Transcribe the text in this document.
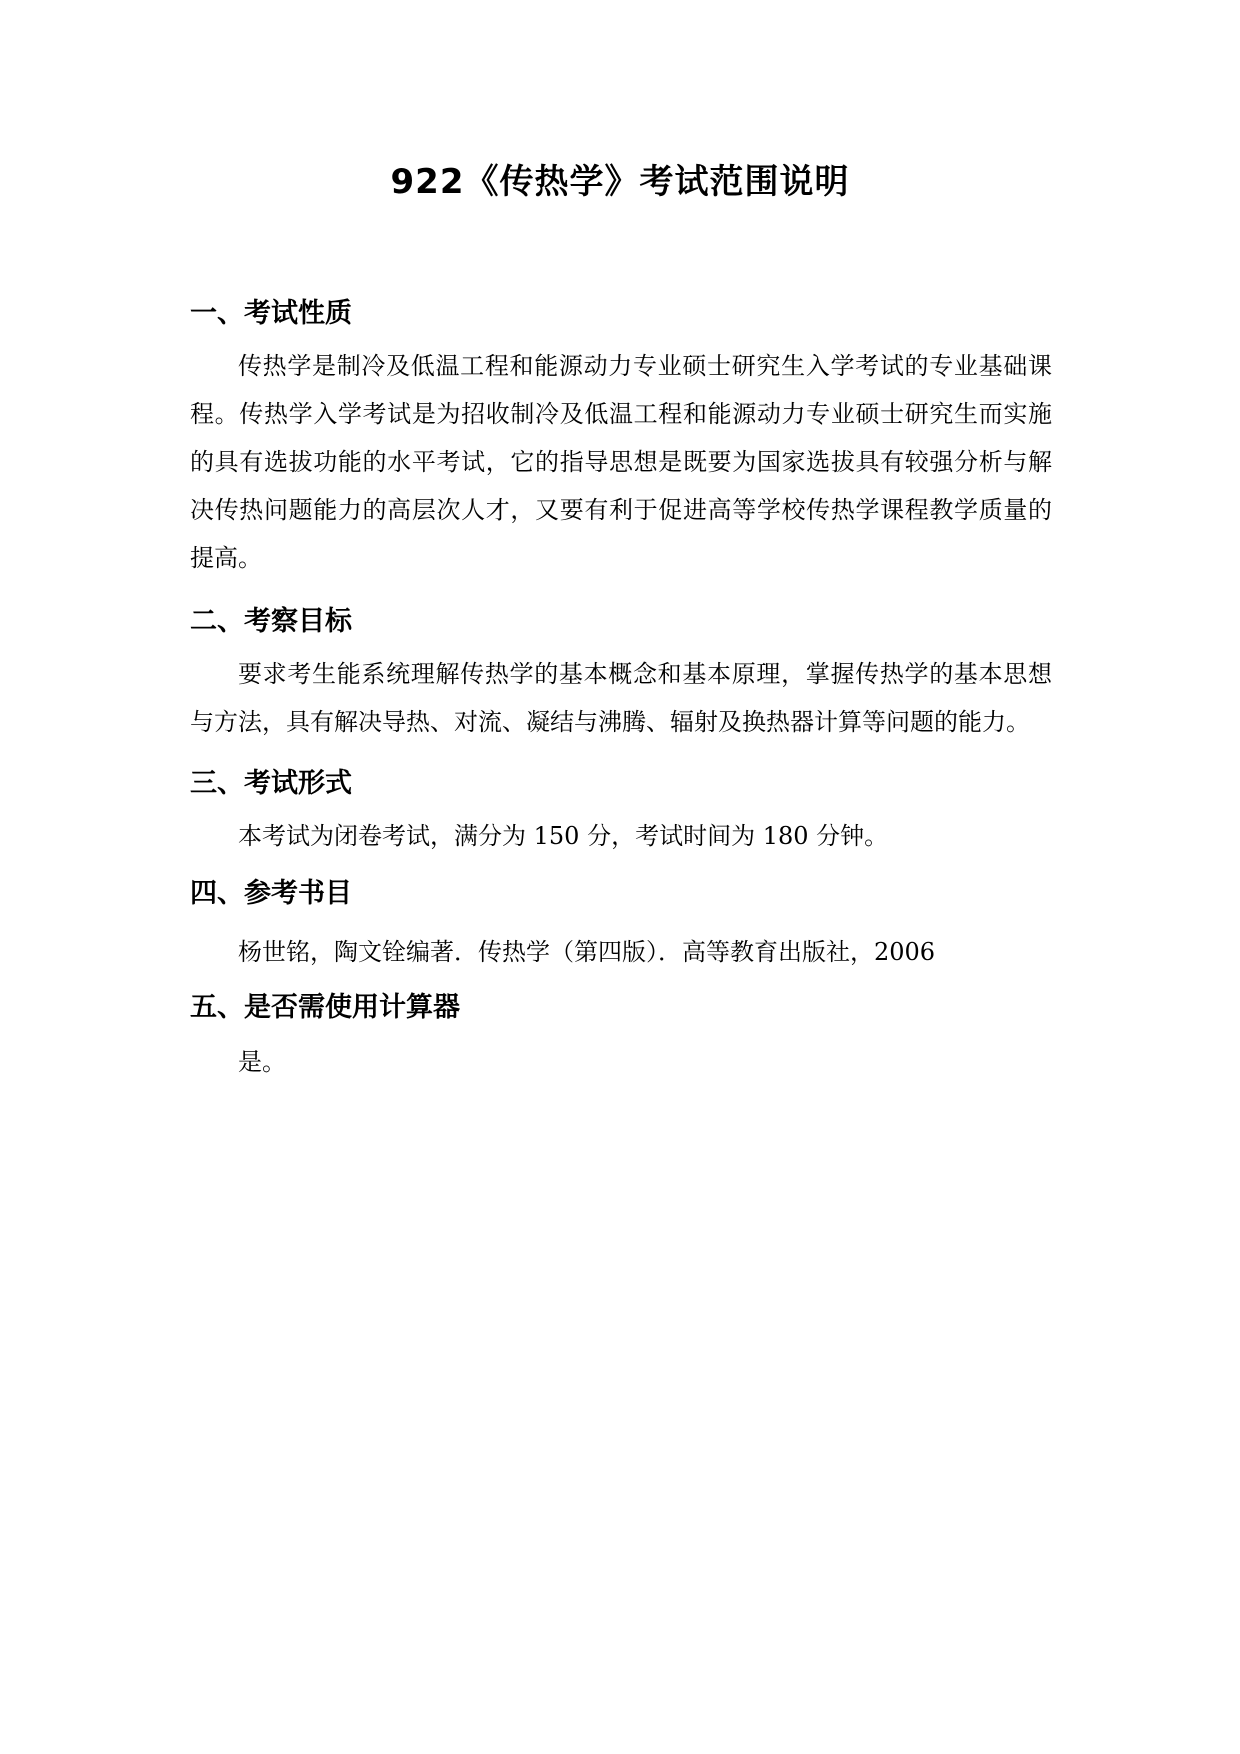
922《传热学》考试范围说明
一、考试性质
传热学是制冷及低温工程和能源动力专业硕士研究生入学考试的专业基础课程。传热学入学考试是为招收制冷及低温工程和能源动力专业硕士研究生而实施的具有选拔功能的水平考试，它的指导思想是既要为国家选拔具有较强分析与解决传热问题能力的高层次人才，又要有利于促进高等学校传热学课程教学质量的提高。
二、考察目标
要求考生能系统理解传热学的基本概念和基本原理，掌握传热学的基本思想与方法，具有解决导热、对流、凝结与沸腾、辐射及换热器计算等问题的能力。
三、考试形式
本考试为闭卷考试，满分为 150 分，考试时间为 180 分钟。
四、参考书目
杨世铭，陶文铨编著．传热学（第四版）．高等教育出版社，2006
五、是否需使用计算器
是。
